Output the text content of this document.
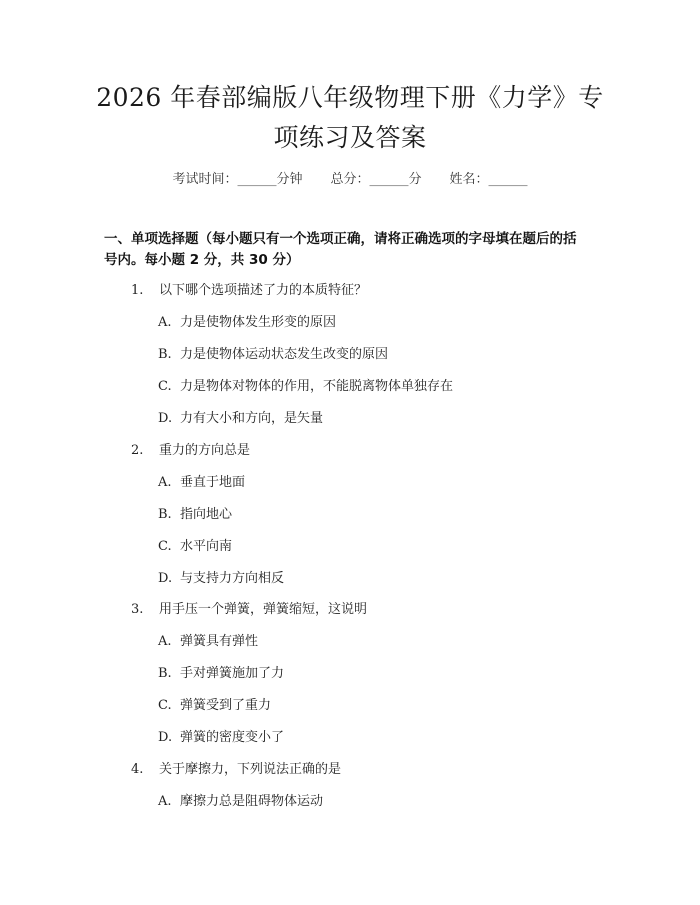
2026 年春部编版八年级物理下册《力学》专
项练习及答案
考试时间：______分钟 总分：______分 姓名：______
一、单项选择题（每小题只有一个选项正确，请将正确选项的字母填在题后的括
号内。每小题 2 分，共 30 分）
1. 以下哪个选项描述了力的本质特征？
A. 力是使物体发生形变的原因
B. 力是使物体运动状态发生改变的原因
C. 力是物体对物体的作用，不能脱离物体单独存在
D. 力有大小和方向，是矢量
2. 重力的方向总是
A. 垂直于地面
B. 指向地心
C. 水平向南
D. 与支持力方向相反
3. 用手压一个弹簧，弹簧缩短，这说明
A. 弹簧具有弹性
B. 手对弹簧施加了力
C. 弹簧受到了重力
D. 弹簧的密度变小了
4. 关于摩擦力，下列说法正确的是
A. 摩擦力总是阻碍物体运动
